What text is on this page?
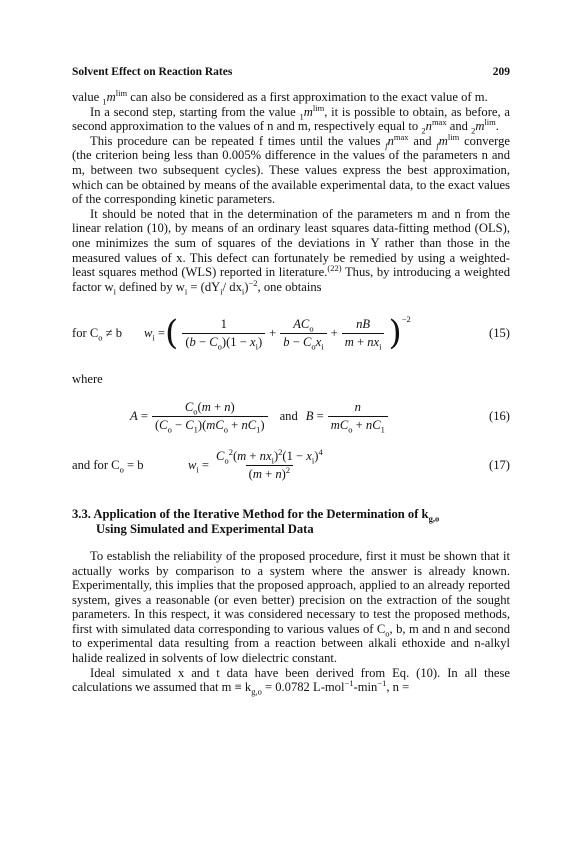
Solvent Effect on Reaction Rates	209

value $_1m^{lim}$ can also be considered as a first approximation to the exact value of m.

In a second step, starting from the value $_1m^{lim}$, it is possible to obtain, as before, a second approximation to the values of n and m, respectively equal to $_2n^{max}$ and $_2m^{lim}$.

This procedure can be repeated f times until the values $_fn^{max}$ and $_fm^{lim}$ converge (the criterion being less than 0.005% difference in the values of the parameters n and m, between two subsequent cycles). These values express the best approximation, which can be obtained by means of the available experimental data, to the exact values of the corresponding kinetic parameters.

It should be noted that in the determination of the parameters m and n from the linear relation (10), by means of an ordinary least squares data-fitting method (OLS), one minimizes the sum of squares of the deviations in Y rather than those in the measured values of x. This defect can fortunately be remedied by using a weighted-least squares method (WLS) reported in literature.$^{(22)}$ Thus, by introducing a weighted factor $w_i$ defined by $w_i = (dY_i/$ $dx_i)^{-2}$, one obtains

for $C_o \ne b$	$w_i$ = ( $\frac{1}{(b - C_o)(1 - x_i)} + \frac{AC_o}{b - C_ox_i} + \frac{nB}{m + nx_i} )^{-2}$
(15)

where

$A = \frac{C_o(m + n)}{(C_o - C_1)(mC_o + nC_1)}$ and $B = \frac{n}{mC_o + nC_1}$	(16)
and for $C_o = b$	$w_i = \frac{C_o^2(m + nx_i)^2(1 - x_i)^4}{(m + n)^2}$	(17)
3.3. Application of the Iterative Method for the Determination of $k_{g,o}$
Using Simulated and Experimental Data

To establish the reliability of the proposed procedure, first it must be shown that it actually works by comparison to a system where the answer is already known. Experimentally, this implies that the proposed approach, applied to an already reported system, gives a reasonable (or even better) precision on the extraction of the sought parameters. In this respect, it was considered necessary to test the proposed methods, first with simulated data corresponding to various values of $C_o$, b, m and n and second to experimental data resulting from a reaction between alkali ethoxide and n-alkyl halide realized in solvents of low dielectric constant.

Ideal simulated x and t data have been derived from Eq. (10). In all these calculations we assumed that $m \equiv k_{g,o} = 0.0782$ $L-mol^{-1}-\min^{-1}$, n =
